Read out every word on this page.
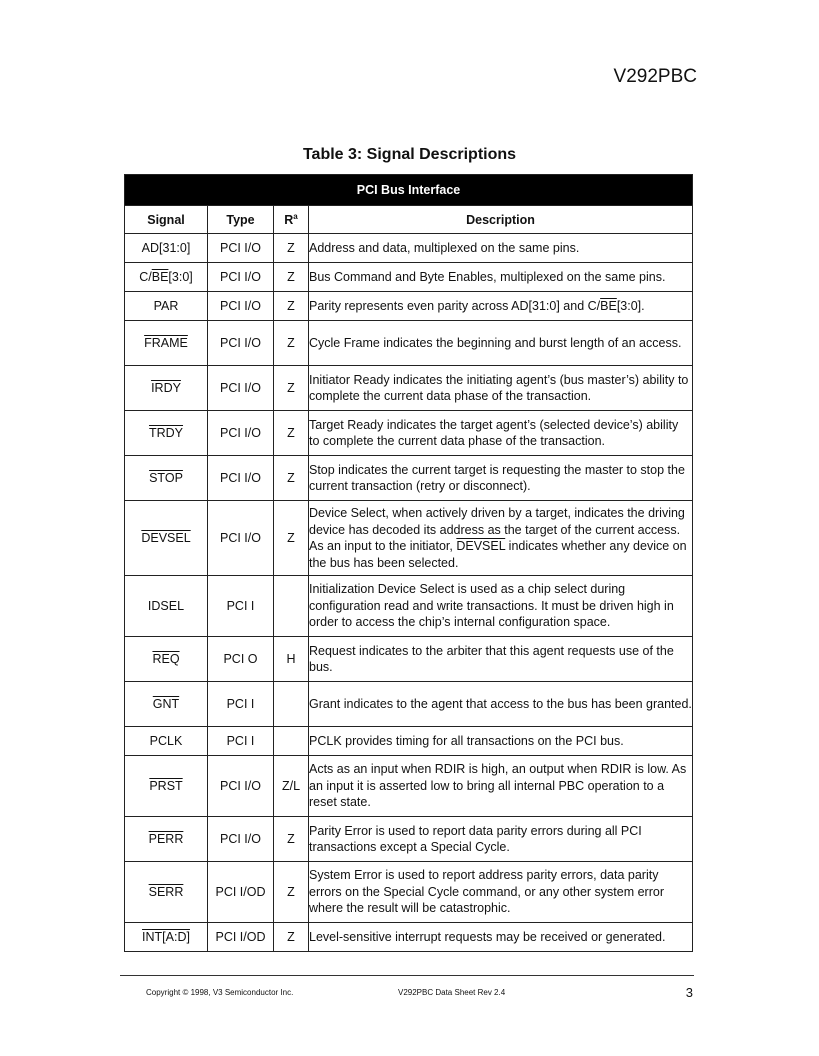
V292PBC
Table 3: Signal Descriptions
PCI Bus Interface			
Signal	Type	$R^a$	Description
AD[31:0]	PCI I/O	Z	Address and data, multiplexed on the same pins.
$C/\overline{BE}[3:0]$	PCI I/O	Z	Bus Command and Byte Enables, multiplexed on the same pins.
PAR	PCI I/O	Z	Parity represents even parity across AD[31:0] and $C/\overline{BE}[3:0]$.
FRAME	PCI I/O	Z	Cycle Frame indicates the beginning and burst length of an access.
IRDY	PCI I/O	Z	Initiator Ready indicates the initiating agent’s (bus master’s) ability to complete the current data phase of the transaction.
TRDY	PCI I/O	Z	Target Ready indicates the target agent’s (selected device’s) ability to complete the current data phase of the transaction.
STOP	PCI I/O	Z	Stop indicates the current target is requesting the master to stop the current transaction (retry or disconnect).
DEVSEL	PCI I/O	Z	Device Select, when actively driven by a target, indicates the driving device has decoded its address as the target of the current access. As an input to the initiator, DEVSEL indicates whether any device on the bus has been selected.
IDSEL	PCI I		Initialization Device Select is used as a chip select during configuration read and write transactions. It must be driven high in order to access the chip’s internal configuration space.
$\overline{REQ}$	PCI O	H	Request indicates to the arbiter that this agent requests use of the bus.
$\overline{GNT}$	PCI I		Grant indicates to the agent that access to the bus has been granted.
PCLK	PCI I		PCLK provides timing for all transactions on the PCI bus.
PRST	PCI I/O	Z/L	Acts as an input when RDIR is high, an output when RDIR is low. As an input it is asserted low to bring all internal PBC operation to a reset state.
PERR	PCI I/O	Z	Parity Error is used to report data parity errors during all PCI transactions except a Special Cycle.
SERR	PCI I/OD	Z	System Error is used to report address parity errors, data parity errors on the Special Cycle command, or any other system error where the result will be catastrophic.
INT[A:D]	PCI I/OD	Z	Level-sensitive interrupt requests may be received or generated.
Copyright © 1998, V3 Semiconductor Inc.	V292PBC Data Sheet Rev 2.4	3
